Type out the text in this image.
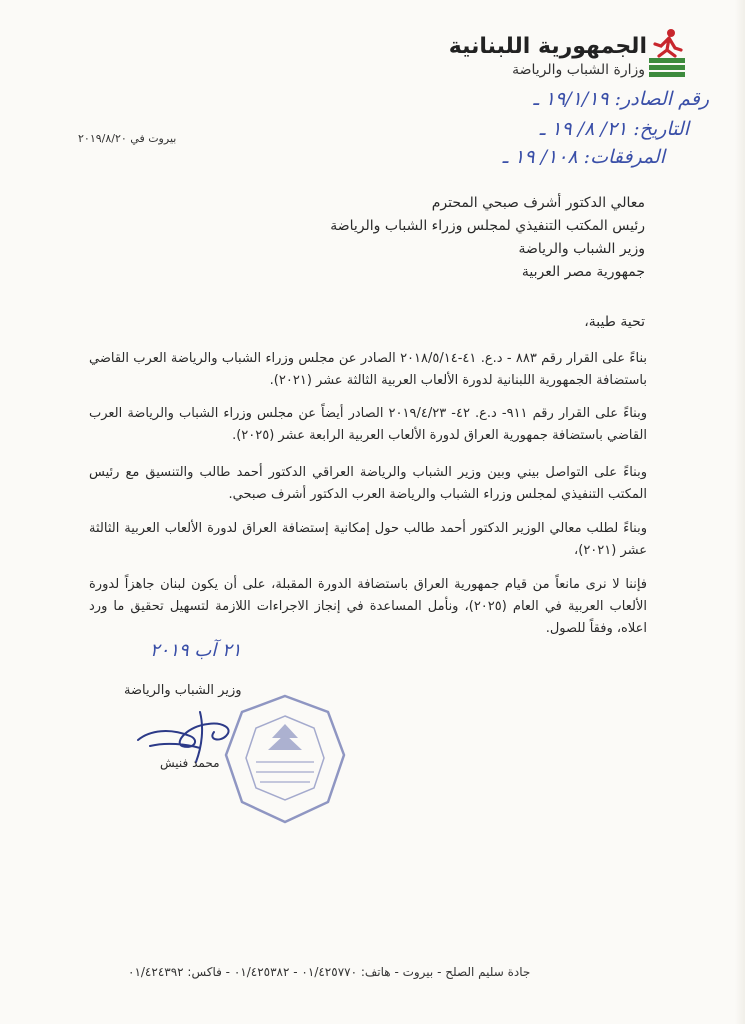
الجمهورية اللبنانية
وزارة الشباب والرياضة
رقم الصادر: ١٩/١/١٩ ـ
التاريخ: ٢١/ ٨/ ١٩ ـ
المرفقات: ١٠٨/ ١٩ ـ
بيروت في ٢٠١٩/٨/٢٠
معالي الدكتور أشرف صبحي المحترم
رئيس المكتب التنفيذي لمجلس وزراء الشباب والرياضة
وزير الشباب والرياضة
جمهورية مصر العربية
تحية طيبة،
بناءً على القرار رقم ٨٨٣ - د.ع. ٤١-٢٠١٨/٥/١٤ الصادر عن مجلس وزراء الشباب والرياضة العرب القاضي باستضافة الجمهورية اللبنانية لدورة الألعاب العربية الثالثة عشر (٢٠٢١).
وبناءً على القرار رقم ٩١١- د.ع. ٤٢- ٢٠١٩/٤/٢٣ الصادر أيضاً عن مجلس وزراء الشباب والرياضة العرب القاضي باستضافة جمهورية العراق لدورة الألعاب العربية الرابعة عشر (٢٠٢٥).
وبناءً على التواصل بيني وبين وزير الشباب والرياضة العراقي الدكتور أحمد طالب والتنسيق مع رئيس المكتب التنفيذي لمجلس وزراء الشباب والرياضة العرب الدكتور أشرف صبحي.
وبناءً لطلب معالي الوزير الدكتور أحمد طالب حول إمكانية إستضافة العراق لدورة الألعاب العربية الثالثة عشر (٢٠٢١)،
فإننا لا نرى مانعاً من قيام جمهورية العراق باستضافة الدورة المقبلة، على أن يكون لبنان جاهزاً لدورة الألعاب العربية في العام (٢٠٢٥)، ونأمل المساعدة في إنجاز الاجراءات اللازمة لتسهيل تحقيق ما ورد اعلاه، وفقاً للصول.
٢١ آب ٢٠١٩
وزير الشباب والرياضة
محمد فنيش
جادة سليم الصلح - بيروت - هاتف: ٠١/٤٢٥٧٧٠ - ٠١/٤٢٥٣٨٢ - فاكس: ٠١/٤٢٤٣٩٢
